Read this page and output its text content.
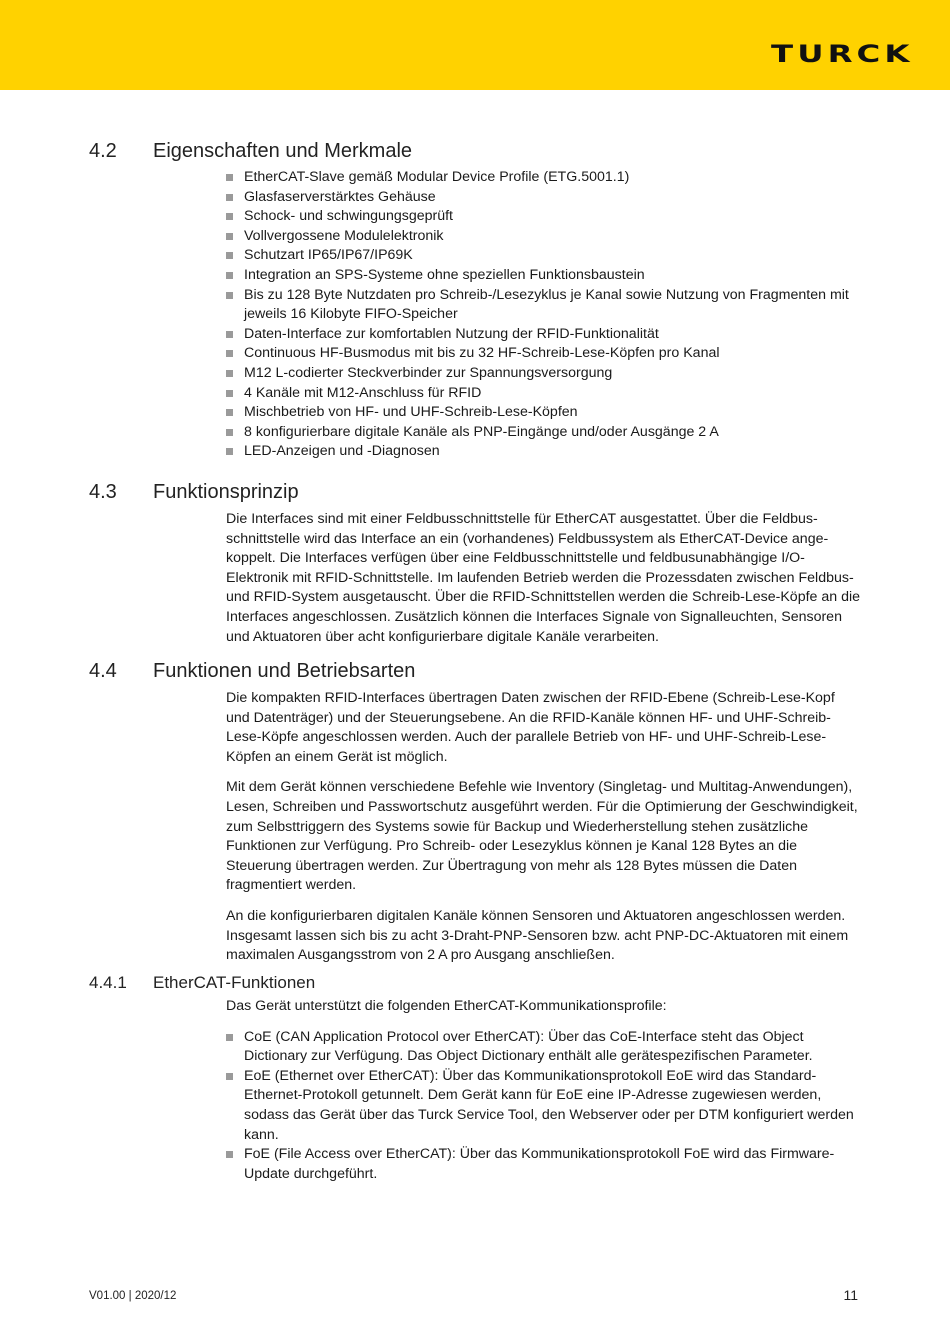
TURCK
4.2 Eigenschaften und Merkmale
EtherCAT-Slave gemäß Modular Device Profile (ETG.5001.1)
Glasfaserverstärktes Gehäuse
Schock- und schwingungsgeprüft
Vollvergossene Modulelektronik
Schutzart IP65/IP67/IP69K
Integration an SPS-Systeme ohne speziellen Funktionsbaustein
Bis zu 128 Byte Nutzdaten pro Schreib-/Lesezyklus je Kanal sowie Nutzung von Fragmenten mit jeweils 16 Kilobyte FIFO-Speicher
Daten-Interface zur komfortablen Nutzung der RFID-Funktionalität
Continuous HF-Busmodus mit bis zu 32 HF-Schreib-Lese-Köpfen pro Kanal
M12 L-codierter Steckverbinder zur Spannungsversorgung
4 Kanäle mit M12-Anschluss für RFID
Mischbetrieb von HF- und UHF-Schreib-Lese-Köpfen
8 konfigurierbare digitale Kanäle als PNP-Eingänge und/oder Ausgänge 2 A
LED-Anzeigen und -Diagnosen
4.3 Funktionsprinzip

Die Interfaces sind mit einer Feldbusschnittstelle für EtherCAT ausgestattet. Über die Feldbusschnittstelle wird das Interface an ein (vorhandenes) Feldbussystem als EtherCAT-Device angekoppelt. Die Interfaces verfügen über eine Feldbusschnittstelle und feldbusunabhängige I/O-Elektronik mit RFID-Schnittstelle. Im laufenden Betrieb werden die Prozessdaten zwischen Feldbus- und RFID-System ausgetauscht. Über die RFID-Schnittstellen werden die Schreib-Lese-Köpfe an die Interfaces angeschlossen. Zusätzlich können die Interfaces Signale von Signalleuchten, Sensoren und Aktuatoren über acht konfigurierbare digitale Kanäle verarbeiten.

4.4 Funktionen und Betriebsarten

Die kompakten RFID-Interfaces übertragen Daten zwischen der RFID-Ebene (Schreib-Lese-Kopf und Datenträger) und der Steuerungsebene. An die RFID-Kanäle können HF- und UHF-Schreib-Lese-Köpfe angeschlossen werden. Auch der parallele Betrieb von HF- und UHF-Schreib-Lese-Köpfen an einem Gerät ist möglich.

Mit dem Gerät können verschiedene Befehle wie Inventory (Singletag- und Multitag-Anwendungen), Lesen, Schreiben und Passwortschutz ausgeführt werden. Für die Optimierung der Geschwindigkeit, zum Selbsttriggern des Systems sowie für Backup und Wiederherstellung stehen zusätzliche Funktionen zur Verfügung. Pro Schreib- oder Lesezyklus können je Kanal 128 Bytes an die Steuerung übertragen werden. Zur Übertragung von mehr als 128 Bytes müssen die Daten fragmentiert werden.

An die konfigurierbaren digitalen Kanäle können Sensoren und Aktuatoren angeschlossen werden. Insgesamt lassen sich bis zu acht 3-Draht-PNP-Sensoren bzw. acht PNP-DC-Aktuatoren mit einem maximalen Ausgangsstrom von 2 A pro Ausgang anschließen.

4.4.1 EtherCAT-Funktionen

Das Gerät unterstützt die folgenden EtherCAT-Kommunikationsprofile:

CoE (CAN Application Protocol over EtherCAT): Über das CoE-Interface steht das Object Dictionary zur Verfügung. Das Object Dictionary enthält alle gerätespezifischen Parameter.
EoE (Ethernet over EtherCAT): Über das Kommunikationsprotokoll EoE wird das Standard-Ethernet-Protokoll getunnelt. Dem Gerät kann für EoE eine IP-Adresse zugewiesen werden, sodass das Gerät über das Turck Service Tool, den Webserver oder per DTM konfiguriert werden kann.
FoE (File Access over EtherCAT): Über das Kommunikationsprotokoll FoE wird das Firmware-Update durchgeführt.
V01.00 | 2020/12	11
